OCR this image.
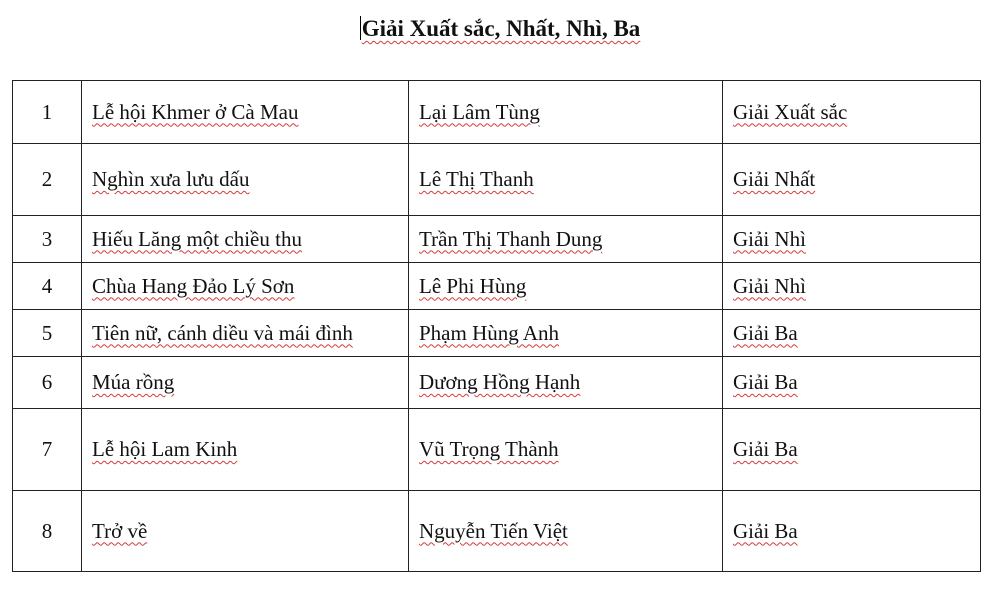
Giải Xuất sắc, Nhất, Nhì, Ba
1	Lễ hội Khmer ở Cà Mau	Lại Lâm Tùng	Giải Xuất sắc
2	Nghìn xưa lưu dấu	Lê Thị Thanh	Giải Nhất
3	Hiếu Lăng một chiều thu	Trần Thị Thanh Dung	Giải Nhì
4	Chùa Hang Đảo Lý Sơn	Lê Phi Hùng	Giải Nhì
5	Tiên nữ, cánh diều và mái đình	Phạm Hùng Anh	Giải Ba
6	Múa rồng	Dương Hồng Hạnh	Giải Ba
7	Lễ hội Lam Kinh	Vũ Trọng Thành	Giải Ba
8	Trở về	Nguyễn Tiến Việt	Giải Ba
